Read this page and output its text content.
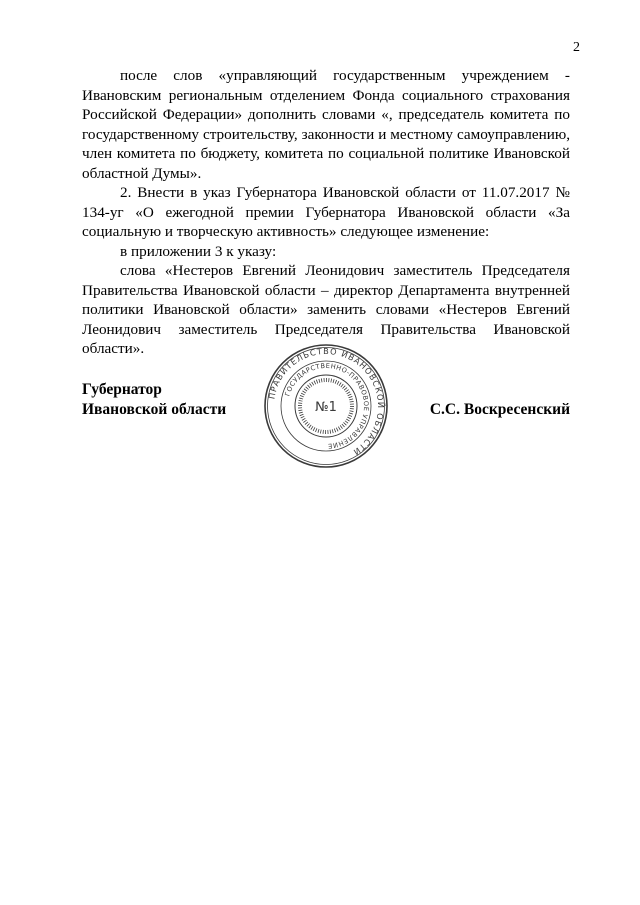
2

после слов «управляющий государственным учреждением - Ивановским региональным отделением Фонда социального страхования Российской Федерации» дополнить словами «, председатель комитета по государственному строительству, законности и местному самоуправлению, член комитета по бюджету, комитета по социальной политике Ивановской областной Думы».

2. Внести в указ Губернатора Ивановской области от 11.07.2017 № 134-уг «О ежегодной премии Губернатора Ивановской области «За социальную и творческую активность» следующее изменение:

в приложении 3 к указу:

слова «Нестеров Евгений Леонидович заместитель Председателя Правительства Ивановской области – директор Департамента внутренней политики Ивановской области» заменить словами «Нестеров Евгений Леонидович заместитель Председателя Правительства Ивановской области».

Губернатор
Ивановской области
ПРАВИТЕЛЬСТВО ИВАНОВСКОЙ ОБЛАСТИ
ГОСУДАРСТВЕННО-ПРАВОВОЕ УПРАВЛЕНИЕ
№1	С.С. Воскресенский
